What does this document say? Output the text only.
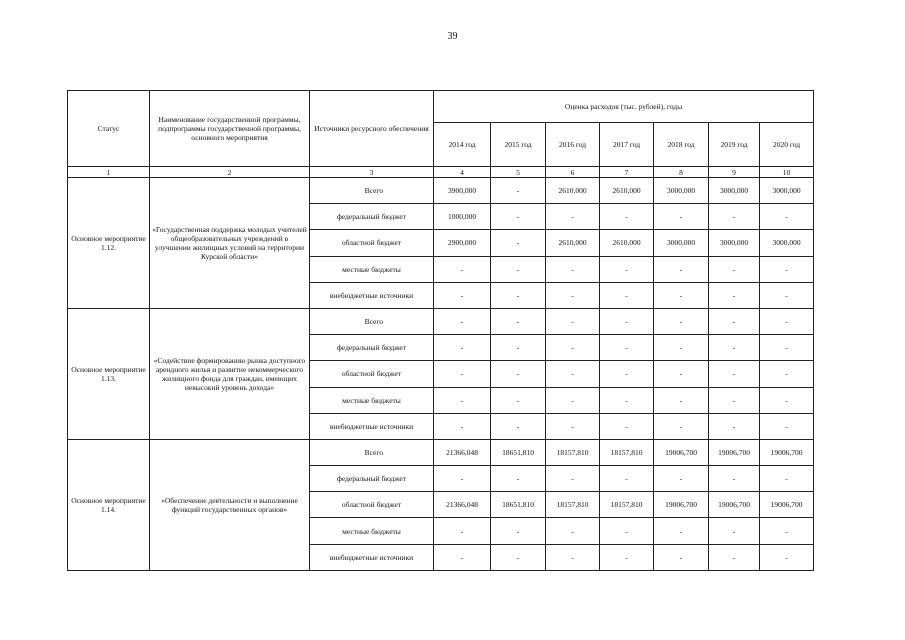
39
Статус	Наименование государственной программы, подпрограммы государственной программы, основного мероприятия	Источники ресурсного обеспечения	Оценка расходов (тыс. рублей), годы						
			2014 год	2015 год	2016 год	2017 год	2018 год	2019 год	2020 год
1	2	3	4	5	6	7	8	9	10
Основное мероприятие 1.12.	«Государственная поддержка молодых учителей общеобразовательных учреждений в улучшении жилищных условий на территории Курской области»	Всего	3900,000	-	2610,000	2610,000	3000,000	3000,000	3000,000
		федеральный бюджет	1000,000	-	-	-	-	-	-
		областной бюджет	2900,000	-	2610,000	2610,000	3000,000	3000,000	3000,000
		местные бюджеты	-	-	-	-	-	-	-
		внебюджетные источники	-	-	-	-	-	-	-
Основное мероприятие 1.13.	«Содействие формированию рынка доступного арендного жилья и развитие некоммерческого жилищного фонда для граждан, имеющих невысокий уровень дохода»	Всего	-	-	-	-	-	-	-
		федеральный бюджет	-	-	-	-	-	-	-
		областной бюджет	-	-	-	-	-	-	-
		местные бюджеты	-	-	-	-	-	-	-
		внебюджетные источники	-	-	-	-	-	-	-
Основное мероприятие 1.14.	«Обеспечение деятельности и выполнение функций государственных органов»	Всего	21366,048	18651,810	18157,810	18157,810	19006,700	19006,700	19006,700
		федеральный бюджет	-	-	-	-	-	-	-
		областной бюджет	21366,048	18651,810	18157,810	18157,810	19006,700	19006,700	19006,700
		местные бюджеты	-	-	-	-	-	-	-
		внебюджетные источники	-	-	-	-	-	-	-
